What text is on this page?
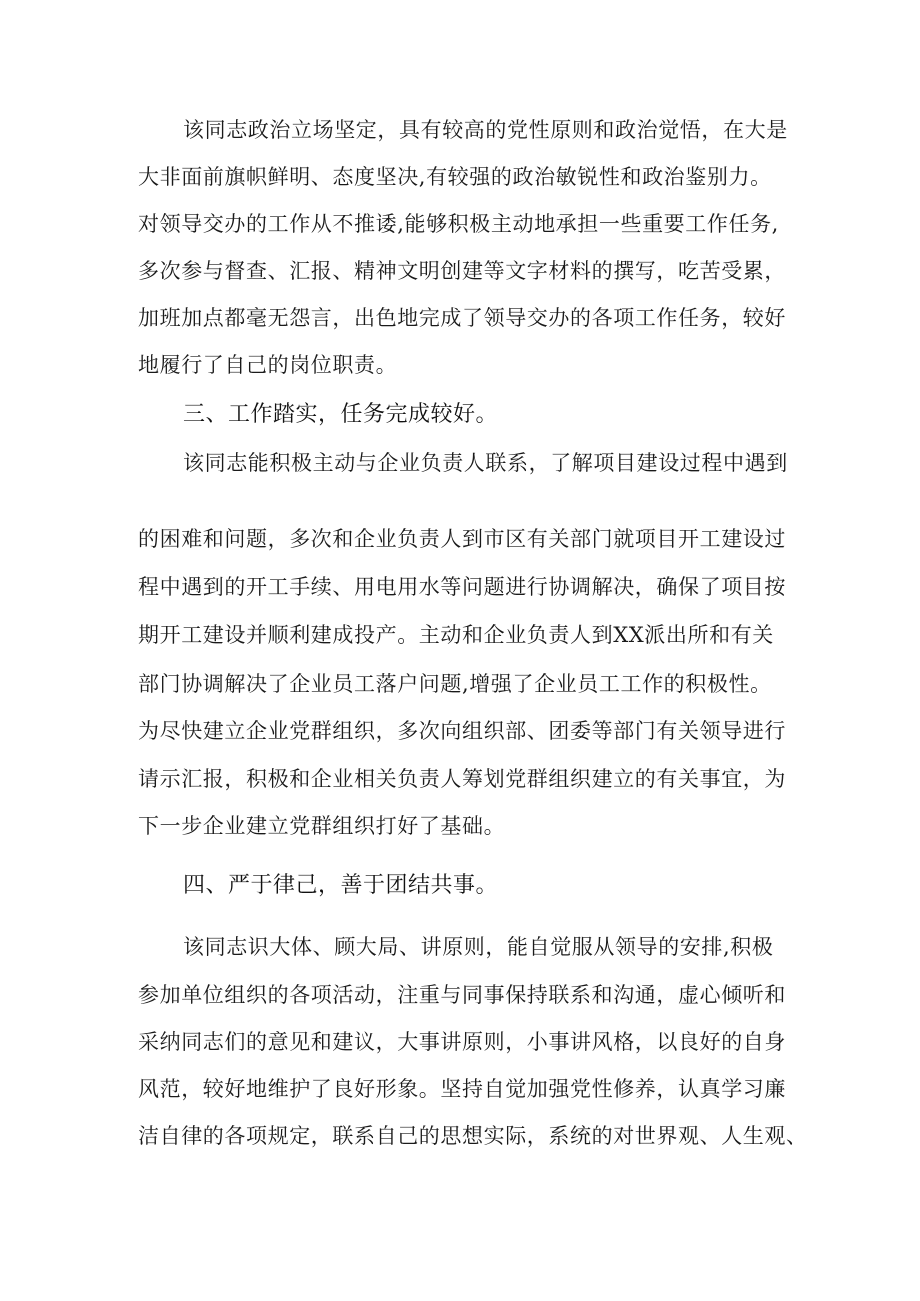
该同志政治立场坚定，具有较高的党性原则和政治觉悟，在大是
大非面前旗帜鲜明、态度坚决,有较强的政治敏锐性和政治鉴别力。
对领导交办的工作从不推诿,能够积极主动地承担一些重要工作任务,
多次参与督查、汇报、精神文明创建等文字材料的撰写，吃苦受累，
加班加点都毫无怨言，出色地完成了领导交办的各项工作任务，较好
地履行了自己的岗位职责。
三、工作踏实，任务完成较好。
该同志能积极主动与企业负责人联系，了解项目建设过程中遇到
的困难和问题，多次和企业负责人到市区有关部门就项目开工建设过
程中遇到的开工手续、用电用水等问题进行协调解决，确保了项目按
期开工建设并顺利建成投产。主动和企业负责人到XX派出所和有关
部门协调解决了企业员工落户问题,增强了企业员工工作的积极性。
为尽快建立企业党群组织，多次向组织部、团委等部门有关领导进行
请示汇报，积极和企业相关负责人筹划党群组织建立的有关事宜，为
下一步企业建立党群组织打好了基础。
四、严于律己，善于团结共事。
该同志识大体、顾大局、讲原则，能自觉服从领导的安排,积极
参加单位组织的各项活动，注重与同事保持联系和沟通，虚心倾听和
采纳同志们的意见和建议，大事讲原则，小事讲风格，以良好的自身
风范，较好地维护了良好形象。坚持自觉加强党性修养，认真学习廉
洁自律的各项规定，联系自己的思想实际，系统的对世界观、人生观、
